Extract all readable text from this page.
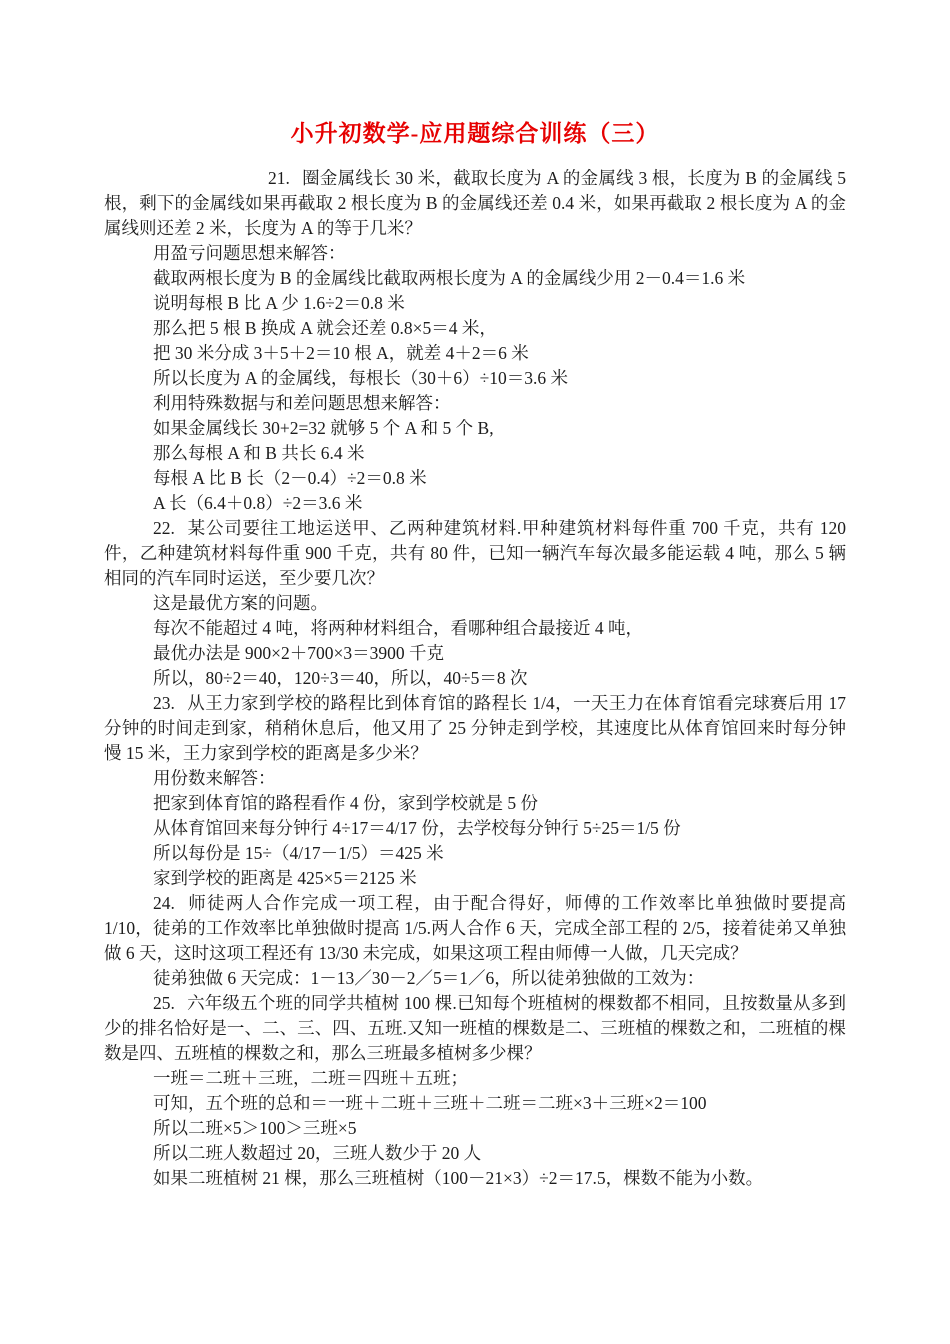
小升初数学-应用题综合训练（三）

21. 圈金属线长 30 米，截取长度为 A 的金属线 3 根，长度为 B 的金属线 5 根，剩下的金属线如果再截取 2 根长度为 B 的金属线还差 0.4 米，如果再截取 2 根长度为 A 的金属线则还差 2 米，长度为 A 的等于几米？

用盈亏问题思想来解答：

截取两根长度为 B 的金属线比截取两根长度为 A 的金属线少用 2－0.4＝1.6 米

说明每根 B 比 A 少 1.6÷2＝0.8 米

那么把 5 根 B 换成 A 就会还差 0.8×5＝4 米，

把 30 米分成 3＋5＋2＝10 根 A，就差 4＋2＝6 米

所以长度为 A 的金属线，每根长（30＋6）÷10＝3.6 米

利用特殊数据与和差问题思想来解答：

如果金属线长 30+2=32 就够 5 个 A 和 5 个 B,

那么每根 A 和 B 共长 6.4 米

每根 A 比 B 长（2－0.4）÷2＝0.8 米

A 长（6.4＋0.8）÷2＝3.6 米

22. 某公司要往工地运送甲、乙两种建筑材料.甲种建筑材料每件重 700 千克，共有 120 件，乙种建筑材料每件重 900 千克，共有 80 件，已知一辆汽车每次最多能运载 4 吨，那么 5 辆相同的汽车同时运送，至少要几次？

这是最优方案的问题。

每次不能超过 4 吨，将两种材料组合，看哪种组合最接近 4 吨，

最优办法是 900×2＋700×3＝3900 千克

所以，80÷2＝40，120÷3＝40，所以，40÷5＝8 次

23. 从王力家到学校的路程比到体育馆的路程长 1/4，一天王力在体育馆看完球赛后用 17 分钟的时间走到家，稍稍休息后，他又用了 25 分钟走到学校，其速度比从体育馆回来时每分钟慢 15 米，王力家到学校的距离是多少米？

用份数来解答：

把家到体育馆的路程看作 4 份，家到学校就是 5 份

从体育馆回来每分钟行 4÷17＝4/17 份，去学校每分钟行 5÷25＝1/5 份

所以每份是 15÷（4/17－1/5）＝425 米

家到学校的距离是 425×5＝2125 米

24. 师徒两人合作完成一项工程，由于配合得好，师傅的工作效率比单独做时要提高 1/10，徒弟的工作效率比单独做时提高 1/5.两人合作 6 天，完成全部工程的 2/5，接着徒弟又单独做 6 天，这时这项工程还有 13/30 未完成，如果这项工程由师傅一人做，几天完成？

徒弟独做 6 天完成：1－13／30－2／5＝1／6，所以徒弟独做的工效为：

25. 六年级五个班的同学共植树 100 棵.已知每个班植树的棵数都不相同，且按数量从多到少的排名恰好是一、二、三、四、五班.又知一班植的棵数是二、三班植的棵数之和，二班植的棵数是四、五班植的棵数之和，那么三班最多植树多少棵？

一班＝二班＋三班，二班＝四班＋五班；

可知，五个班的总和＝一班＋二班＋三班＋二班＝二班×3＋三班×2＝100

所以二班×5＞100＞三班×5

所以二班人数超过 20，三班人数少于 20 人

如果二班植树 21 棵，那么三班植树（100－21×3）÷2＝17.5，棵数不能为小数。
